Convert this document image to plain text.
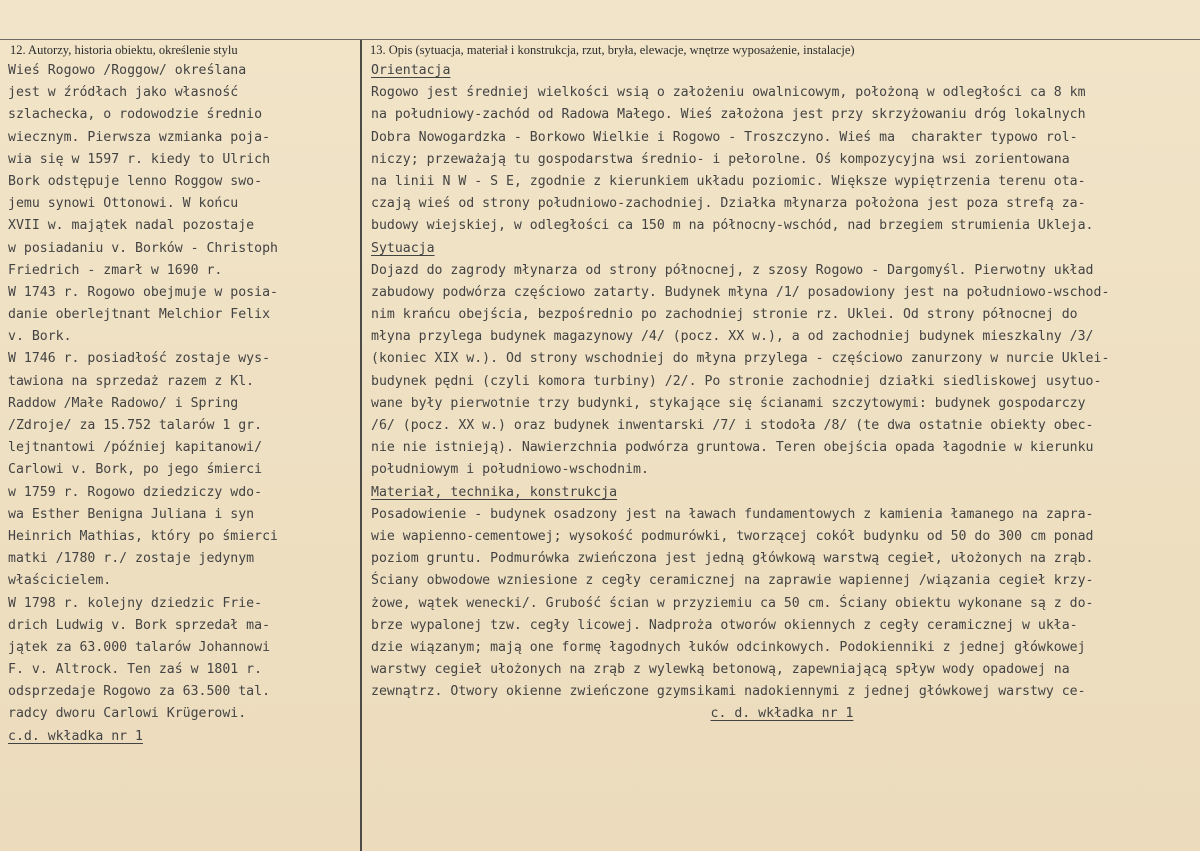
12. Autorzy, historia obiektu, określenie stylu	13. Opis (sytuacja, materiał i konstrukcja, rzut, bryła, elewacje, wnętrze wyposażenie, instalacje)
Wieś Rogowo /Roggow/ określana
jest w źródłach jako własność
szlachecka, o rodowodzie średnio
wiecznym. Pierwsza wzmianka poja-
wia się w 1597 r. kiedy to Ulrich
Bork odstępuje lenno Roggow swo-
jemu synowi Ottonowi. W końcu
XVII w. majątek nadal pozostaje
w posiadaniu v. Borków - Christoph
Friedrich - zmarł w 1690 r.
W 1743 r. Rogowo obejmuje w posia-
danie oberlejtnant Melchior Felix
v. Bork.
W 1746 r. posiadłość zostaje wys-
tawiona na sprzedaż razem z Kl.
Raddow /Małe Radowo/ i Spring
/Zdroje/ za 15.752 talarów 1 gr.
lejtnantowi /później kapitanowi/
Carlowi v. Bork, po jego śmierci
w 1759 r. Rogowo dziedziczy wdo-
wa Esther Benigna Juliana i syn
Heinrich Mathias, który po śmierci
matki /1780 r./ zostaje jedynym
właścicielem.
W 1798 r. kolejny dziedzic Frie-
drich Ludwig v. Bork sprzedał ma-
jątek za 63.000 talarów Johannowi
F. v. Altrock. Ten zaś w 1801 r.
odsprzedaje Rogowo za 63.500 tal.
radcy dworu Carlowi Krügerowi.
c.d. wkładka nr 1
Orientacja
Rogowo jest średniej wielkości wsią o założeniu owalnicowym, położoną w odległości ca 8 km
na południowy-zachód od Radowa Małego. Wieś założona jest przy skrzyżowaniu dróg lokalnych
Dobra Nowogardzka - Borkowo Wielkie i Rogowo - Troszczyno. Wieś ma  charakter typowo rol-
niczy; przeważają tu gospodarstwa średnio- i pełorolne. Oś kompozycyjna wsi zorientowana
na linii N W - S E, zgodnie z kierunkiem układu poziomic. Większe wypiętrzenia terenu ota-
czają wieś od strony południowo-zachodniej. Działka młynarza położona jest poza strefą za-
budowy wiejskiej, w odległości ca 150 m na północny-wschód, nad brzegiem strumienia Ukleja.
Sytuacja
Dojazd do zagrody młynarza od strony północnej, z szosy Rogowo - Dargomyśl. Pierwotny układ
zabudowy podwórza częściowo zatarty. Budynek młyna /1/ posadowiony jest na południowo-wschod-
nim krańcu obejścia, bezpośrednio po zachodniej stronie rz. Uklei. Od strony północnej do
młyna przylega budynek magazynowy /4/ (pocz. XX w.), a od zachodniej budynek mieszkalny /3/
(koniec XIX w.). Od strony wschodniej do młyna przylega - częściowo zanurzony w nurcie Uklei-
budynek pędni (czyli komora turbiny) /2/. Po stronie zachodniej działki siedliskowej usytuo-
wane były pierwotnie trzy budynki, stykające się ścianami szczytowymi: budynek gospodarczy
/6/ (pocz. XX w.) oraz budynek inwentarski /7/ i stodoła /8/ (te dwa ostatnie obiekty obec-
nie nie istnieją). Nawierzchnia podwórza gruntowa. Teren obejścia opada łagodnie w kierunku
południowym i południowo-wschodnim.
Materiał, technika, konstrukcja
Posadowienie - budynek osadzony jest na ławach fundamentowych z kamienia łamanego na zapra-
wie wapienno-cementowej; wysokość podmurówki, tworzącej cokół budynku od 50 do 300 cm ponad
poziom gruntu. Podmurówka zwieńczona jest jedną główkową warstwą cegieł, ułożonych na zrąb.
Ściany obwodowe wzniesione z cegły ceramicznej na zaprawie wapiennej /wiązania cegieł krzy-
żowe, wątek wenecki/. Grubość ścian w przyziemiu ca 50 cm. Ściany obiektu wykonane są z do-
brze wypalonej tzw. cegły licowej. Nadproża otworów okiennych z cegły ceramicznej w ukła-
dzie wiązanym; mają one formę łagodnych łuków odcinkowych. Podokienniki z jednej główkowej
warstwy cegieł ułożonych na zrąb z wylewką betonową, zapewniającą spływ wody opadowej na
zewnątrz. Otwory okienne zwieńczone gzymsikami nadokiennymi z jednej główkowej warstwy ce-
c. d. wkładka nr 1
